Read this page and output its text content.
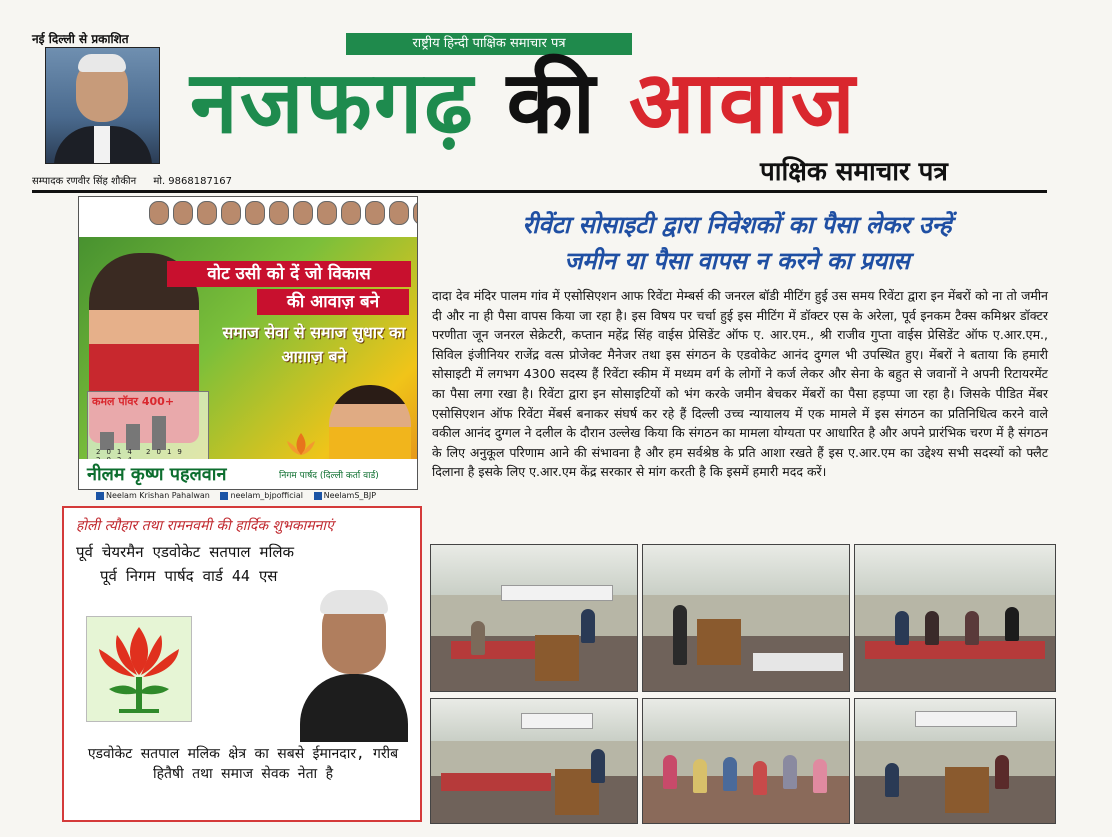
नई दिल्ली से प्रकाशित
सम्पादक रणवीर सिंह शौकीन मो. 9868187167
राष्ट्रीय हिन्दी पाक्षिक समाचार पत्र
नजफगढ़ की आवाज
पाक्षिक समाचार पत्र
वोट उसी को दें जो विकास
की आवाज़ बने
समाज सेवा से समाज सुधार का आग़ाज़ बने
कमल पॉवर 400+
2014 2019
नीलम कृष्ण पहलवान	निगम पार्षद (दिल्ली कर्ता वार्ड)
Neelam Krishan Pahalwan	neelam_bjpofficial	NeelamS_BJP
होली त्यौहार तथा रामनवमी की हार्दिक शुभकामनाएं
पूर्व चेयरमैन एडवोकेट सतपाल मलिक
पूर्व निगम पार्षद वार्ड 44 एस
एडवोकेट सतपाल मलिक क्षेत्र का सबसे ईमानदार, गरीब हितैषी तथा समाज सेवक नेता है
रीवेंटा सोसाइटी द्वारा निवेशकों का पैसा लेकर उन्हें
जमीन या पैसा वापस न करने का प्रयास
दादा देव मंदिर पालम गांव में एसोसिएशन आफ रिवेंटा मेम्बर्स की जनरल बॉडी मीटिंग हुई उस समय रिवेंटा द्वारा इन मेंबरों को ना तो जमीन दी और ना ही पैसा वापस किया जा रहा है। इस विषय पर चर्चा हुई इस मीटिंग में डॉक्टर एस के अरेला, पूर्व इनकम टैक्स कमिश्नर डॉक्टर परणीता जून जनरल सेक्रेटरी, कप्तान महेंद्र सिंह वाईस प्रेसिडेंट ऑफ ए. आर.एम., श्री राजीव गुप्ता वाईस प्रेसिडेंट ऑफ ए.आर.एम., सिविल इंजीनियर राजेंद्र वत्स प्रोजेक्ट मैनेजर तथा इस संगठन के एडवोकेट आनंद दुग्गल भी उपस्थित हुए। मेंबरों ने बताया कि हमारी सोसाइटी में लगभग 4300 सदस्य हैं रिवेंटा स्कीम में मध्यम वर्ग के लोगों ने कर्ज लेकर और सेना के बहुत से जवानों ने अपनी रिटायरमेंट का पैसा लगा रखा है। रिवेंटा द्वारा इन सोसाइटियों को भंग करके जमीन बेचकर मेंबरों का पैसा हड़प्पा जा रहा है। जिसके पीडित मेंबर एसोसिएशन ऑफ रिवेंटा मेंबर्स बनाकर संघर्ष कर रहे हैं दिल्ली उच्च न्यायालय में एक मामले में इस संगठन का प्रतिनिधित्व करने वाले वकील आनंद दुग्गल ने दलील के दौरान उल्लेख किया कि संगठन का मामला योग्यता पर आधारित है और अपने प्रारंभिक चरण में है संगठन के लिए अनुकूल परिणाम आने की संभावना है और हम सर्वश्रेष्ठ के प्रति आशा रखते हैं इस ए.आर.एम का उद्देश्य सभी सदस्यों को फ्लैट दिलाना है इसके लिए ए.आर.एम केंद्र सरकार से मांग करती है कि इसमें हमारी मदद करें।
